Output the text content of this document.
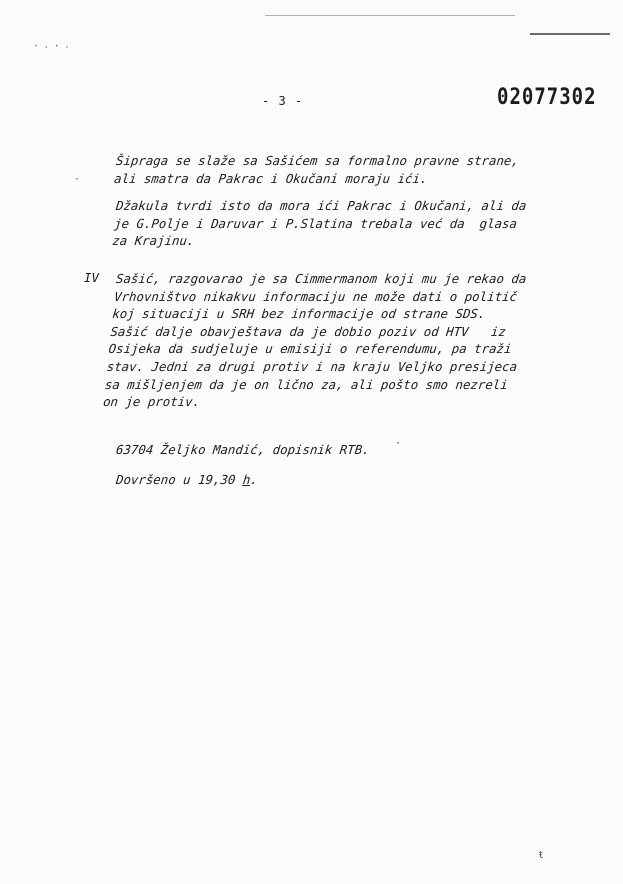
⋅ ⸳ ⋅ ⸳
·
·
ŧ
- 3 -	02077302
Šipraga se slaže sa Sašićem sa formalno pravne strane,
ali smatra da Pakrac i Okučani moraju ići.
Džakula tvrdi isto da mora ići Pakrac i Okučani, ali da
je G.Polje i Daruvar i P.Slatina trebala već da  glasa
za Krajinu.
IV Sašić, razgovarao je sa Cimmermanom koji mu je rekao da
Vrhovništvo nikakvu informaciju ne može dati o politič
koj situaciji u SRH bez informacije od strane SDS.
Sašić dalje obavještava da je dobio poziv od HTV   iz
Osijeka da sudjeluje u emisiji o referendumu, pa traži
stav. Jedni za drugi protiv i na kraju Veljko presijeca
sa mišljenjem da je on lično za, ali pošto smo nezreli
on je protiv.
63704 Željko Mandić, dopisnik RTB.
Dovršeno u 19,30 h.
